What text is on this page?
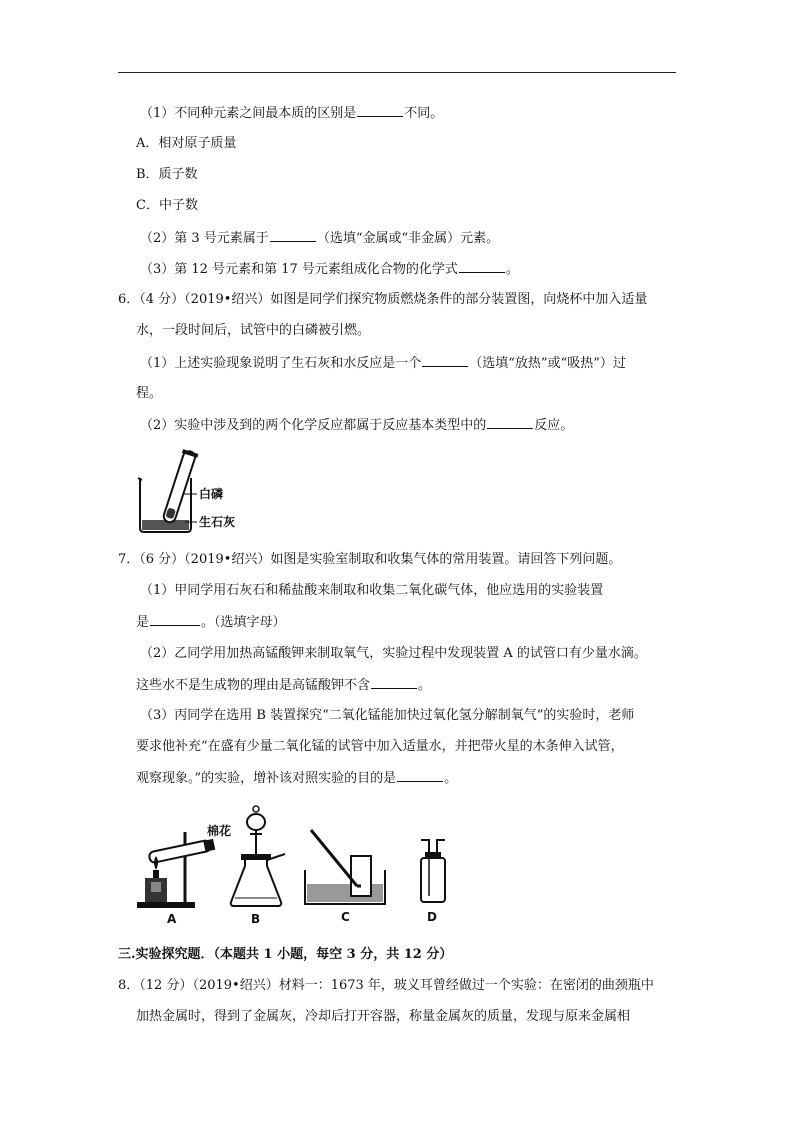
（1）不同种元素之间最本质的区别是	不同。
A．相对原子质量
B．质子数
C．中子数
（2）第 3 号元素属于	（选填“金属或“非金属）元素。
（3）第 12 号元素和第 17 号元素组成化合物的化学式	。
6．（4 分）（2019•绍兴）如图是同学们探究物质燃烧条件的部分装置图，向烧杯中加入适量
水，一段时间后，试管中的白磷被引燃。
（1）上述实验现象说明了生石灰和水反应是一个	（选填“放热”或“吸热”）过
程。
（2）实验中涉及到的两个化学反应都属于反应基本类型中的	反应。
白磷
生石灰
7．（6 分）（2019•绍兴）如图是实验室制取和收集气体的常用装置。请回答下列问题。
（1）甲同学用石灰石和稀盐酸来制取和收集二氧化碳气体，他应选用的实验装置
是	。（选填字母）
（2）乙同学用加热高锰酸钾来制取氧气，实验过程中发现装置 A 的试管口有少量水滴。
这些水不是生成物的理由是高锰酸钾不含	。
（3）丙同学在选用 B 装置探究“二氧化锰能加快过氧化氢分解制氧气”的实验时，老师
要求他补充“在盛有少量二氧化锰的试管中加入适量水，并把带火星的木条伸入试管，
观察现象。”的实验，增补该对照实验的目的是	。
棉花
A	B	C	D
三.实验探究题．（本题共 1 小题，每空 3 分，共 12 分）
8．（12 分）（2019•绍兴）材料一：1673 年，玻义耳曾经做过一个实验：在密闭的曲颈瓶中
加热金属时，得到了金属灰，冷却后打开容器，称量金属灰的质量，发现与原来金属相
